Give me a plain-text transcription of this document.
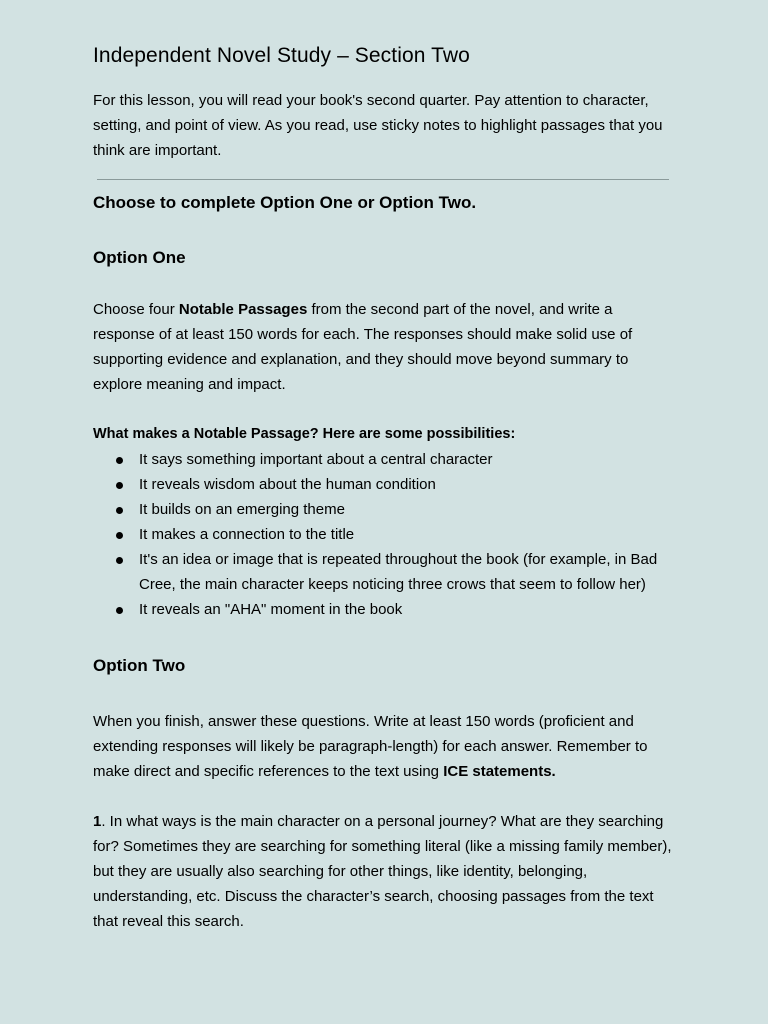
Independent Novel Study – Section Two

For this lesson, you will read your book's second quarter. Pay attention to character, setting, and point of view. As you read, use sticky notes to highlight passages that you think are important.

Choose to complete Option One or Option Two.
Option One

Choose four Notable Passages from the second part of the novel, and write a response of at least 150 words for each. The responses should make solid use of supporting evidence and explanation, and they should move beyond summary to explore meaning and impact.

What makes a Notable Passage? Here are some possibilities:

It says something important about a central character
It reveals wisdom about the human condition
It builds on an emerging theme
It makes a connection to the title
It's an idea or image that is repeated throughout the book (for example, in Bad Cree, the main character keeps noticing three crows that seem to follow her)
It reveals an "AHA" moment in the book
Option Two

When you finish, answer these questions. Write at least 150 words (proficient and extending responses will likely be paragraph-length) for each answer. Remember to make direct and specific references to the text using ICE statements.

1. In what ways is the main character on a personal journey? What are they searching for? Sometimes they are searching for something literal (like a missing family member), but they are usually also searching for other things, like identity, belonging, understanding, etc. Discuss the character’s search, choosing passages from the text that reveal this search.
